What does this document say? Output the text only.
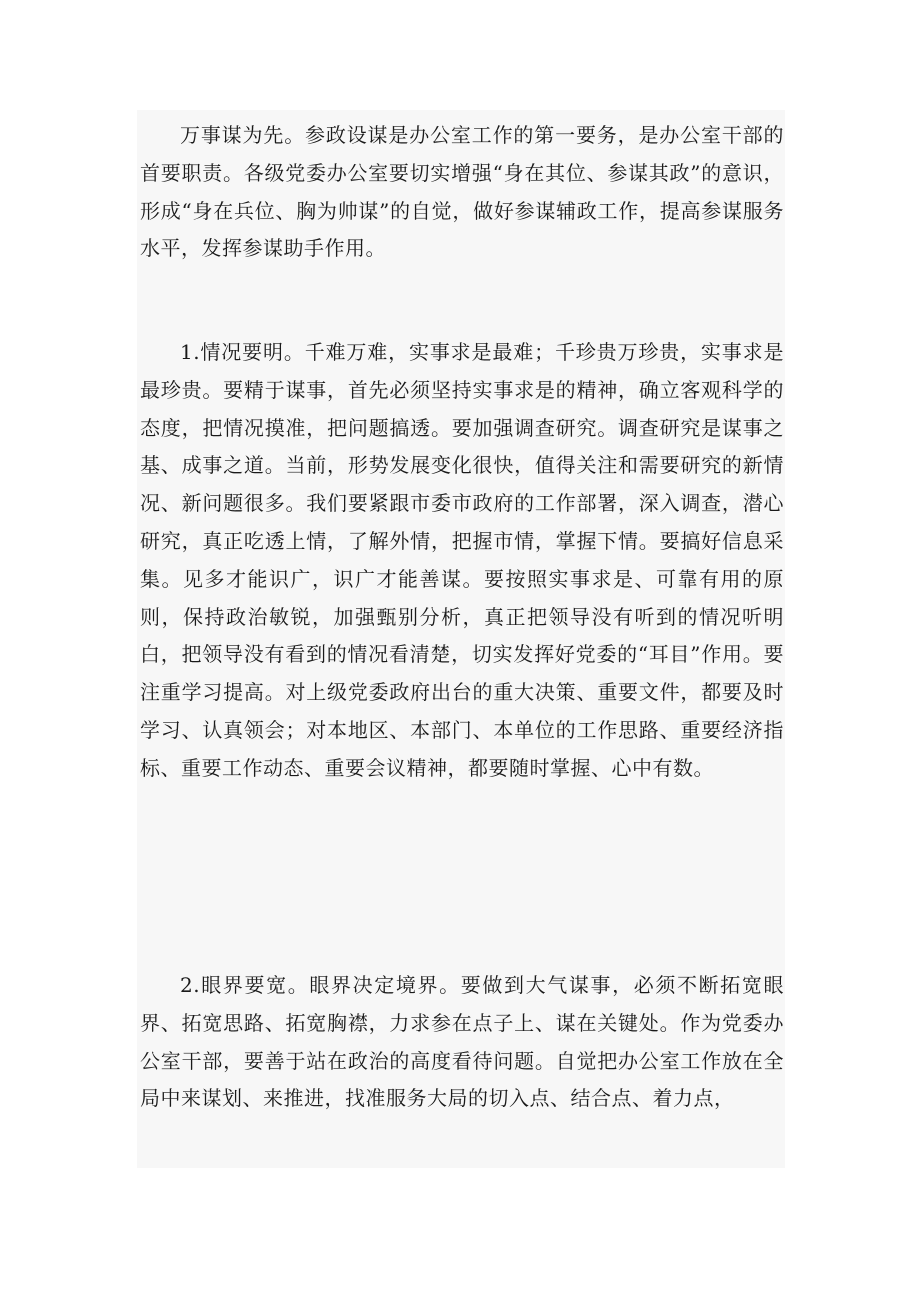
万事谋为先。参政设谋是办公室工作的第一要务，是办公室干部的首要职责。各级党委办公室要切实增强“身在其位、参谋其政”的意识，形成“身在兵位、胸为帅谋”的自觉，做好参谋辅政工作，提高参谋服务水平，发挥参谋助手作用。

1.情况要明。千难万难，实事求是最难；千珍贵万珍贵，实事求是最珍贵。要精于谋事，首先必须坚持实事求是的精神，确立客观科学的态度，把情况摸准，把问题搞透。要加强调查研究。调查研究是谋事之基、成事之道。当前，形势发展变化很快，值得关注和需要研究的新情况、新问题很多。我们要紧跟市委市政府的工作部署，深入调查，潜心研究，真正吃透上情，了解外情，把握市情，掌握下情。要搞好信息采集。见多才能识广，识广才能善谋。要按照实事求是、可靠有用的原则，保持政治敏锐，加强甄别分析，真正把领导没有听到的情况听明白，把领导没有看到的情况看清楚，切实发挥好党委的“耳目”作用。要注重学习提高。对上级党委政府出台的重大决策、重要文件，都要及时学习、认真领会；对本地区、本部门、本单位的工作思路、重要经济指标、重要工作动态、重要会议精神，都要随时掌握、心中有数。

2.眼界要宽。眼界决定境界。要做到大气谋事，必须不断拓宽眼界、拓宽思路、拓宽胸襟，力求参在点子上、谋在关键处。作为党委办公室干部，要善于站在政治的高度看待问题。自觉把办公室工作放在全局中来谋划、来推进，找准服务大局的切入点、结合点、着力点，
